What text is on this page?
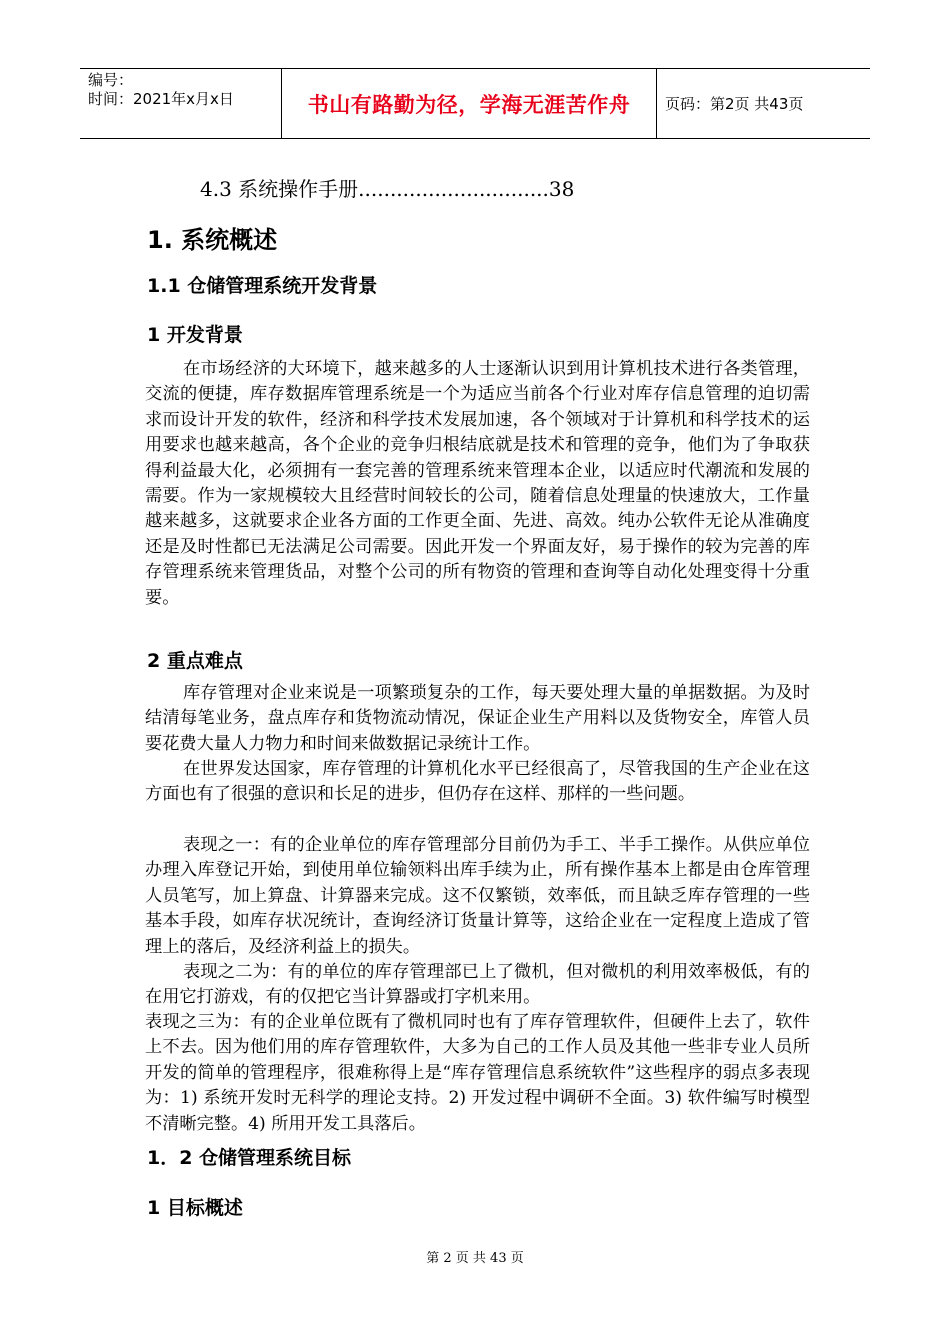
编号：
时间：2021年x月x日	书山有路勤为径，学海无涯苦作舟	页码：第2页 共43页
4.3 系统操作手册..............................38
1. 系统概述
1.1 仓储管理系统开发背景
1 开发背景

在市场经济的大环境下，越来越多的人士逐渐认识到用计算机技术进行各类管理，交流的便捷，库存数据库管理系统是一个为适应当前各个行业对库存信息管理的迫切需求而设计开发的软件，经济和科学技术发展加速，各个领域对于计算机和科学技术的运用要求也越来越高，各个企业的竞争归根结底就是技术和管理的竞争，他们为了争取获得利益最大化，必须拥有一套完善的管理系统来管理本企业，以适应时代潮流和发展的需要。作为一家规模较大且经营时间较长的公司，随着信息处理量的快速放大，工作量越来越多，这就要求企业各方面的工作更全面、先进、高效。纯办公软件无论从准确度还是及时性都已无法满足公司需要。因此开发一个界面友好，易于操作的较为完善的库存管理系统来管理货品，对整个公司的所有物资的管理和查询等自动化处理变得十分重要。

2 重点难点

库存管理对企业来说是一项繁琐复杂的工作，每天要处理大量的单据数据。为及时结清每笔业务，盘点库存和货物流动情况，保证企业生产用料以及货物安全，库管人员要花费大量人力物力和时间来做数据记录统计工作。

在世界发达国家，库存管理的计算机化水平已经很高了，尽管我国的生产企业在这方面也有了很强的意识和长足的进步，但仍存在这样、那样的一些问题。

表现之一：有的企业单位的库存管理部分目前仍为手工、半手工操作。从供应单位办理入库登记开始，到使用单位输领料出库手续为止，所有操作基本上都是由仓库管理人员笔写，加上算盘、计算器来完成。这不仅繁锁，效率低，而且缺乏库存管理的一些基本手段，如库存状况统计，查询经济订货量计算等，这给企业在一定程度上造成了管理上的落后，及经济利益上的损失。

表现之二为：有的单位的库存管理部已上了微机，但对微机的利用效率极低，有的在用它打游戏，有的仅把它当计算器或打字机来用。

表现之三为：有的企业单位既有了微机同时也有了库存管理软件，但硬件上去了，软件上不去。因为他们用的库存管理软件，大多为自己的工作人员及其他一些非专业人员所开发的简单的管理程序，很难称得上是“库存管理信息系统软件”这些程序的弱点多表现为：1) 系统开发时无科学的理论支持。2) 开发过程中调研不全面。3) 软件编写时模型不清晰完整。4) 所用开发工具落后。

1．2 仓储管理系统目标
1 目标概述
第 2 页 共 43 页
